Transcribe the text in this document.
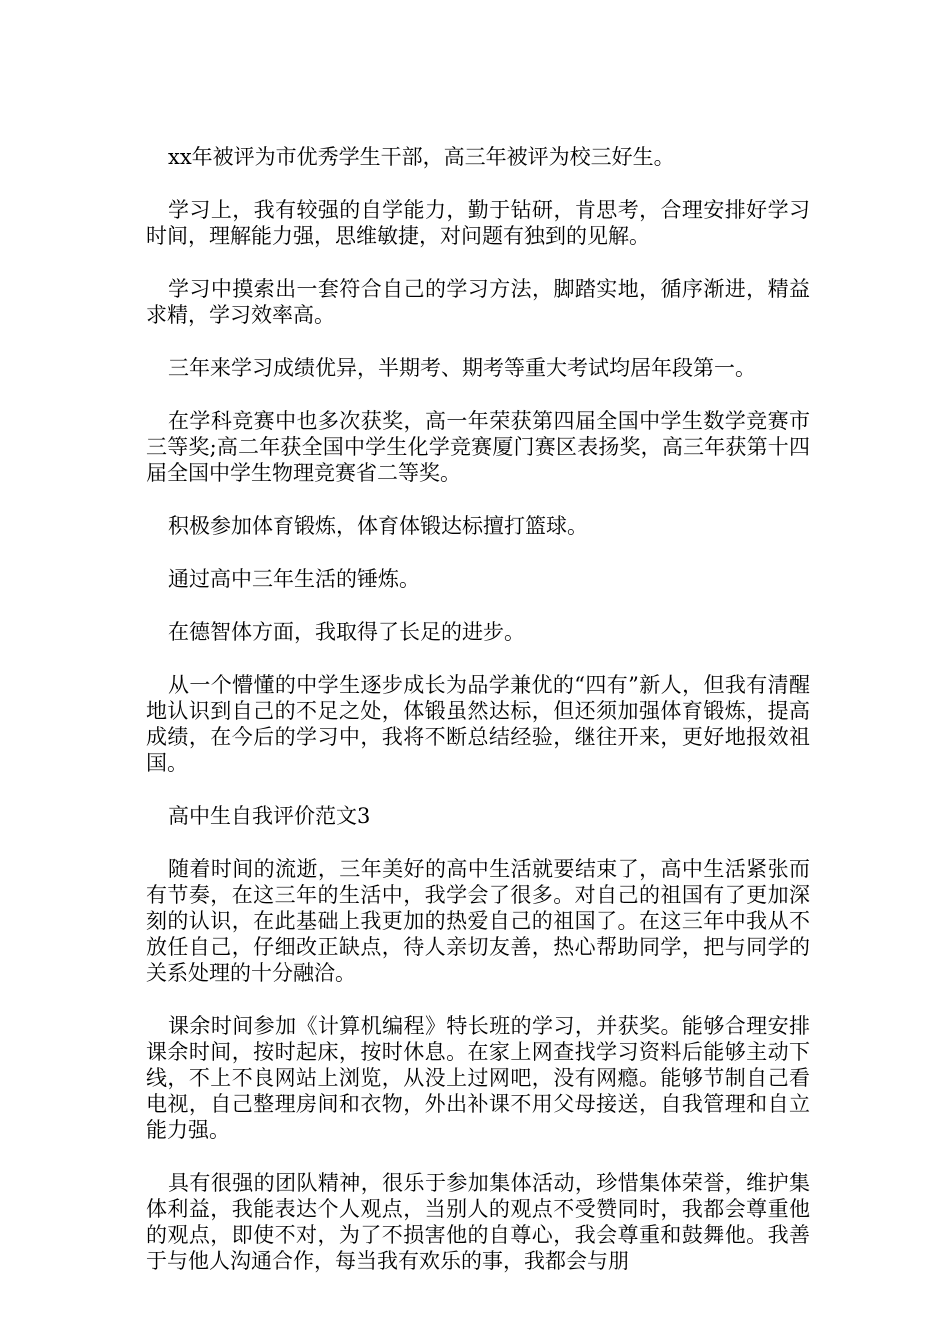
xx年被评为市优秀学生干部，高三年被评为校三好生。

学习上，我有较强的自学能力，勤于钻研，肯思考，合理安排好学习时间，理解能力强，思维敏捷，对问题有独到的见解。

学习中摸索出一套符合自己的学习方法，脚踏实地，循序渐进，精益求精，学习效率高。

三年来学习成绩优异，半期考、期考等重大考试均居年段第一。

在学科竞赛中也多次获奖，高一年荣获第四届全国中学生数学竞赛市三等奖;高二年获全国中学生化学竞赛厦门赛区表扬奖，高三年获第十四届全国中学生物理竞赛省二等奖。

积极参加体育锻炼，体育体锻达标擅打篮球。

通过高中三年生活的锤炼。

在德智体方面，我取得了长足的进步。

从一个懵懂的中学生逐步成长为品学兼优的“四有”新人，但我有清醒地认识到自己的不足之处，体锻虽然达标，但还须加强体育锻炼，提高成绩，在今后的学习中，我将不断总结经验，继往开来，更好地报效祖国。

高中生自我评价范文3

随着时间的流逝，三年美好的高中生活就要结束了，高中生活紧张而有节奏，在这三年的生活中，我学会了很多。对自己的祖国有了更加深刻的认识，在此基础上我更加的热爱自己的祖国了。在这三年中我从不放任自己，仔细改正缺点，待人亲切友善，热心帮助同学，把与同学的关系处理的十分融洽。

课余时间参加《计算机编程》特长班的学习，并获奖。能够合理安排课余时间，按时起床，按时休息。在家上网查找学习资料后能够主动下线，不上不良网站上浏览，从没上过网吧，没有网瘾。能够节制自己看电视，自己整理房间和衣物，外出补课不用父母接送，自我管理和自立能力强。

具有很强的团队精神，很乐于参加集体活动，珍惜集体荣誉，维护集体利益，我能表达个人观点，当别人的观点不受赞同时，我都会尊重他的观点，即使不对，为了不损害他的自尊心，我会尊重和鼓舞他。我善于与他人沟通合作，每当我有欢乐的事，我都会与朋
